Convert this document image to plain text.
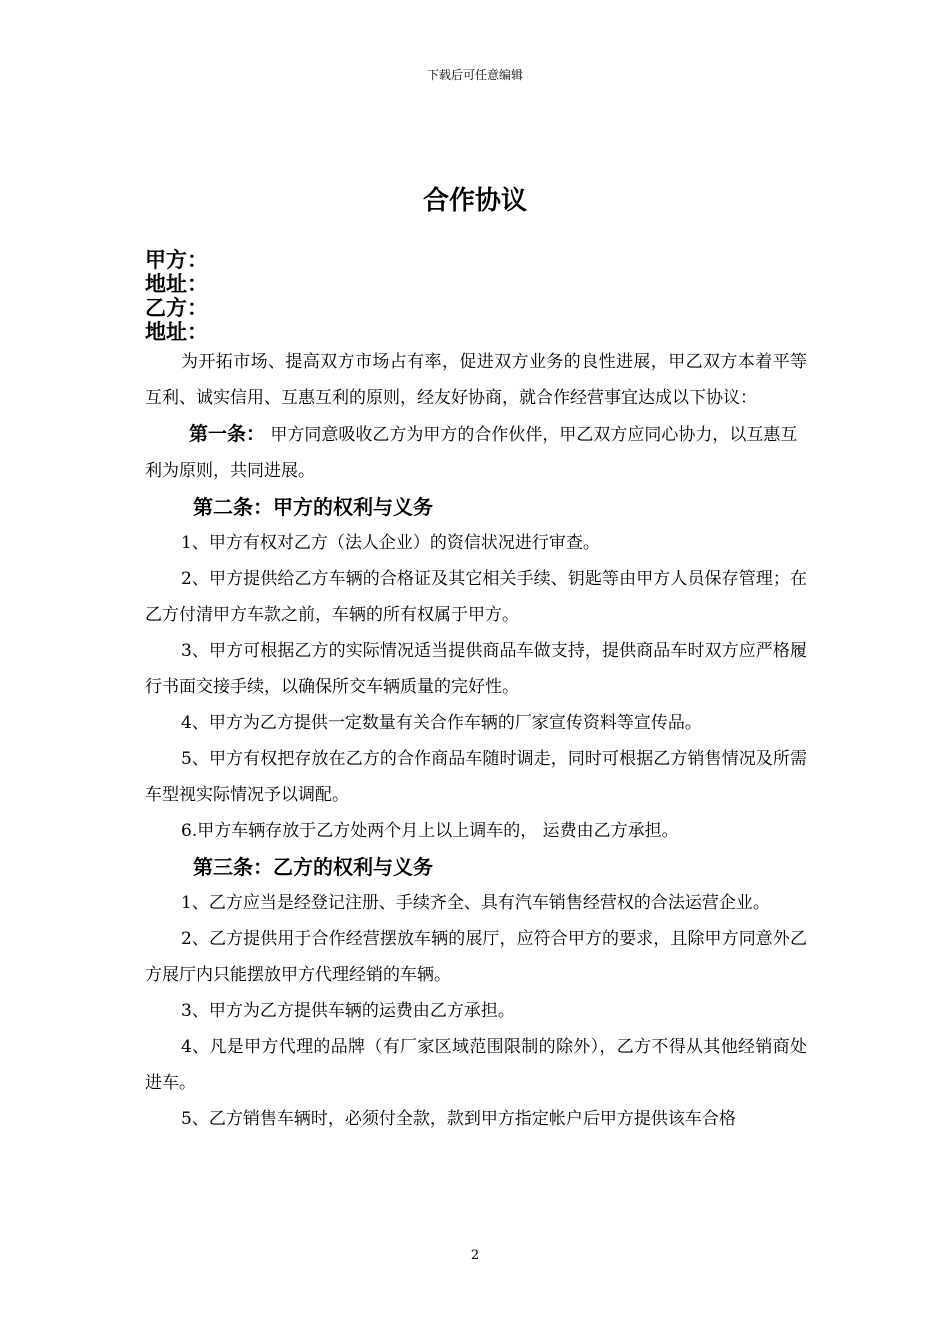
下载后可任意编辑
合作协议
甲方：
地址：
乙方：
地址：

为开拓市场、提高双方市场占有率，促进双方业务的良性进展，甲乙双方本着平等互利、诚实信用、互惠互利的原则，经友好协商，就合作经营事宜达成以下协议：

第一条： 甲方同意吸收乙方为甲方的合作伙伴，甲乙双方应同心协力，以互惠互利为原则，共同进展。

第二条：甲方的权利与义务

1、甲方有权对乙方（法人企业）的资信状况进行审查。

2、甲方提供给乙方车辆的合格证及其它相关手续、钥匙等由甲方人员保存管理；在乙方付清甲方车款之前，车辆的所有权属于甲方。

3、甲方可根据乙方的实际情况适当提供商品车做支持，提供商品车时双方应严格履行书面交接手续，以确保所交车辆质量的完好性。

4、甲方为乙方提供一定数量有关合作车辆的厂家宣传资料等宣传品。

5、甲方有权把存放在乙方的合作商品车随时调走，同时可根据乙方销售情况及所需车型视实际情况予以调配。

6.甲方车辆存放于乙方处两个月上以上调车的， 运费由乙方承担。

第三条：乙方的权利与义务

1、乙方应当是经登记注册、手续齐全、具有汽车销售经营权的合法运营企业。

2、乙方提供用于合作经营摆放车辆的展厅，应符合甲方的要求，且除甲方同意外乙方展厅内只能摆放甲方代理经销的车辆。

3、甲方为乙方提供车辆的运费由乙方承担。

4、凡是甲方代理的品牌（有厂家区域范围限制的除外），乙方不得从其他经销商处进车。

5、乙方销售车辆时，必须付全款，款到甲方指定帐户后甲方提供该车合格

2
